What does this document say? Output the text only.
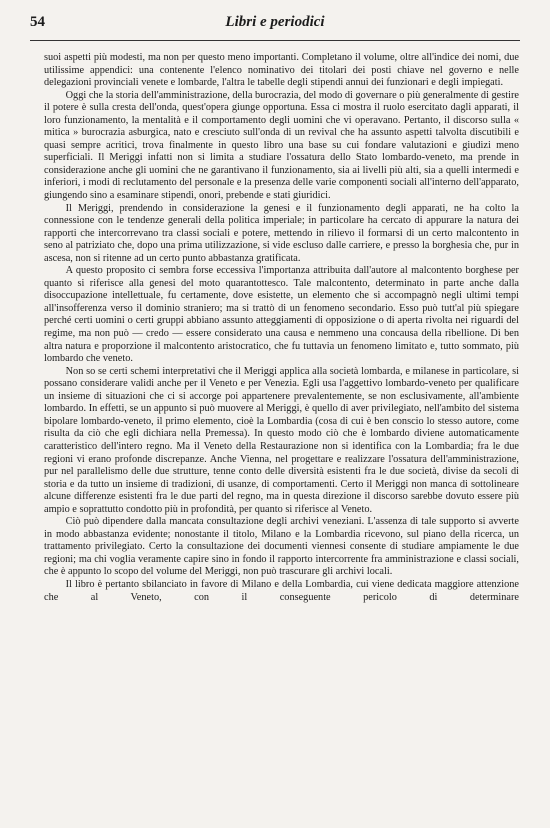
54	Libri e periodici

suoi aspetti più modesti, ma non per questo meno importanti. Completano il volume, oltre all'indice dei nomi, due utilissime appendici: una contenente l'elenco nominativo dei titolari dei posti chiave nel governo e nelle delegazioni provinciali venete e lombarde, l'altra le tabelle degli stipendi annui dei funzionari e degli impiegati.

Oggi che la storia dell'amministrazione, della burocrazia, del modo di governare o più generalmente di gestire il potere è sulla cresta dell'onda, quest'opera giunge opportuna. Essa ci mostra il ruolo esercitato dagli apparati, il loro funzionamento, la mentalità e il comportamento degli uomini che vi operavano. Pertanto, il discorso sulla « mitica » burocrazia asburgica, nato e cresciuto sull'onda di un revival che ha assunto aspetti talvolta discutibili e quasi sempre acritici, trova finalmente in questo libro una base su cui fondare valutazioni e giudizi meno superficiali. Il Meriggi infatti non si limita a studiare l'ossatura dello Stato lombardo-veneto, ma prende in considerazione anche gli uomini che ne garantivano il funzionamento, sia ai livelli più alti, sia a quelli intermedi e inferiori, i modi di reclutamento del personale e la presenza delle varie componenti sociali all'interno dell'apparato, giungendo sino a esaminare stipendi, onori, prebende e stati giuridici.

Il Meriggi, prendendo in considerazione la genesi e il funzionamento degli apparati, ne ha colto la connessione con le tendenze generali della politica imperiale; in particolare ha cercato di appurare la natura dei rapporti che intercorrevano tra classi sociali e potere, mettendo in rilievo il formarsi di un certo malcontento in seno al patriziato che, dopo una prima utilizzazione, si vide escluso dalle carriere, e presso la borghesia che, pur in ascesa, non si ritenne ad un certo punto abbastanza gratificata.

A questo proposito ci sembra forse eccessiva l'importanza attribuita dall'autore al malcontento borghese per quanto si riferisce alla genesi del moto quarantottesco. Tale malcontento, determinato in parte anche dalla disoccupazione intellettuale, fu certamente, dove esistette, un elemento che si accompagnò negli ultimi tempi all'insofferenza verso il dominio straniero; ma si trattò di un fenomeno secondario. Esso può tutt'al più spiegare perché certi uomini o certi gruppi abbiano assunto atteggiamenti di opposizione o di aperta rivolta nei riguardi del regime, ma non può — credo — essere considerato una causa e nemmeno una concausa della ribellione. Di ben altra natura e proporzione il malcontento aristocratico, che fu tuttavia un fenomeno limitato e, tutto sommato, più lombardo che veneto.

Non so se certi schemi interpretativi che il Meriggi applica alla società lombarda, e milanese in particolare, si possano considerare validi anche per il Veneto e per Venezia. Egli usa l'aggettivo lombardo-veneto per qualificare un insieme di situazioni che ci si accorge poi appartenere prevalentemente, se non esclusivamente, all'ambiente lombardo. In effetti, se un appunto si può muovere al Meriggi, è quello di aver privilegiato, nell'ambito del sistema bipolare lombardo-veneto, il primo elemento, cioè la Lombardia (cosa di cui è ben conscio lo stesso autore, come risulta da ciò che egli dichiara nella Premessa). In questo modo ciò che è lombardo diviene automaticamente caratteristico dell'intero regno. Ma il Veneto della Restaurazione non si identifica con la Lombardia; fra le due regioni vi erano profonde discrepanze. Anche Vienna, nel progettare e realizzare l'ossatura dell'amministrazione, pur nel parallelismo delle due strutture, tenne conto delle diversità esistenti fra le due società, divise da secoli di storia e da tutto un insieme di tradizioni, di usanze, di comportamenti. Certo il Meriggi non manca di sottolineare alcune differenze esistenti fra le due parti del regno, ma in questa direzione il discorso sarebbe dovuto essere più ampio e soprattutto condotto più in profondità, per quanto si riferisce al Veneto.

Ciò può dipendere dalla mancata consultazione degli archivi veneziani. L'assenza di tale supporto si avverte in modo abbastanza evidente; nonostante il titolo, Milano e la Lombardia ricevono, sul piano della ricerca, un trattamento privilegiato. Certo la consultazione dei documenti viennesi consente di studiare ampiamente le due regioni; ma chi voglia veramente capire sino in fondo il rapporto intercorrente fra amministrazione e classi sociali, che è appunto lo scopo del volume del Meriggi, non può trascurare gli archivi locali.

Il libro è pertanto sbilanciato in favore di Milano e della Lombardia, cui viene dedicata maggiore attenzione che al Veneto, con il conseguente pericolo di determinare
